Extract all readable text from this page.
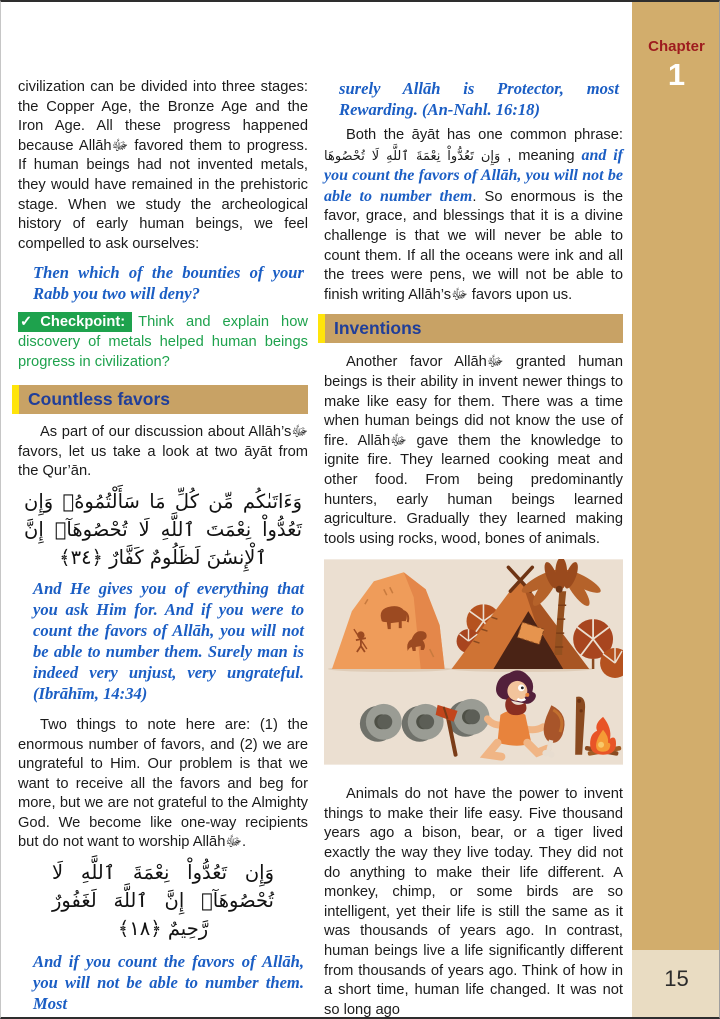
Chapter
1
15

civilization can be divided into three stages: the Copper Age, the Bronze Age and the Iron Age. All these progress happened because Allāhﷻ favored them to progress. If human beings had not invented metals, they would have remained in the prehistoric stage. When we study the archeological history of early human beings, we feel compelled to ask ourselves:

Then which of the bounties of your Rabb you two will deny?

✓Checkpoint: Think and explain how discovery of metals helped human beings progress in civilization?

Countless favors

As part of our discussion about Allāh’sﷻ favors, let us take a look at two āyāt from the Qur’ān.

وَءَاتَىٰكُم مِّن كُلِّ مَا سَأَلْتُمُوهُۚ وَإِن تَعُدُّواْ نِعْمَتَ ٱللَّهِ لَا تُحْصُوهَآۗ إِنَّ ٱلْإِنسَٰنَ لَظَلُومٌ كَفَّارٌ ﴿٣٤﴾

And He gives you of everything that you ask Him for. And if you were to count the favors of Allāh, you will not be able to number them. Surely man is indeed very unjust, very ungrateful. (Ibrāhīm, 14:34)

Two things to note here are: (1) the enormous number of favors, and (2) we are ungrateful to Him. Our problem is that we want to receive all the favors and beg for more, but we are not grateful to the Almighty God. We become like one-way recipients but do not want to worship Allāhﷻ.

وَإِن تَعُدُّواْ نِعْمَةَ ٱللَّهِ لَا تُحْصُوهَآۗ إِنَّ ٱللَّهَ لَغَفُورٌ رَّحِيمٌ ﴿١٨﴾

And if you count the favors of Allāh, you will not be able to number them. Most

surely Allāh is Protector, most Rewarding. (An-Nahl. 16:18)

Both the āyāt has one common phrase: وَإِن تَعُدُّواْ نِعْمَةَ ٱللَّهِ لَا تُحْصُوهَا , meaning and if you count the favors of Allāh, you will not be able to number them. So enormous is the favor, grace, and blessings that it is a divine challenge is that we will never be able to count them. If all the oceans were ink and all the trees were pens, we will not be able to finish writing Allāh’sﷻ favors upon us.

Inventions

Another favor Allāhﷻ granted human beings is their ability in invent newer things to make like easy for them. There was a time when human beings did not know the use of fire. Allāhﷻ gave them the knowledge to ignite fire. They learned cooking meat and other food. From being predominantly hunters, early human beings learned agriculture. Gradually they learned making tools using rocks, wood, bones of animals.

Animals do not have the power to invent things to make their life easy. Five thousand years ago a bison, bear, or a tiger lived exactly the way they live today. They did not do anything to make their life different. A monkey, chimp, or some birds are so intelligent, yet their life is still the same as it was thousands of years ago. In contrast, human beings live a life significantly different from thousands of years ago. Think of how in a short time, human life changed. It was not so long ago
